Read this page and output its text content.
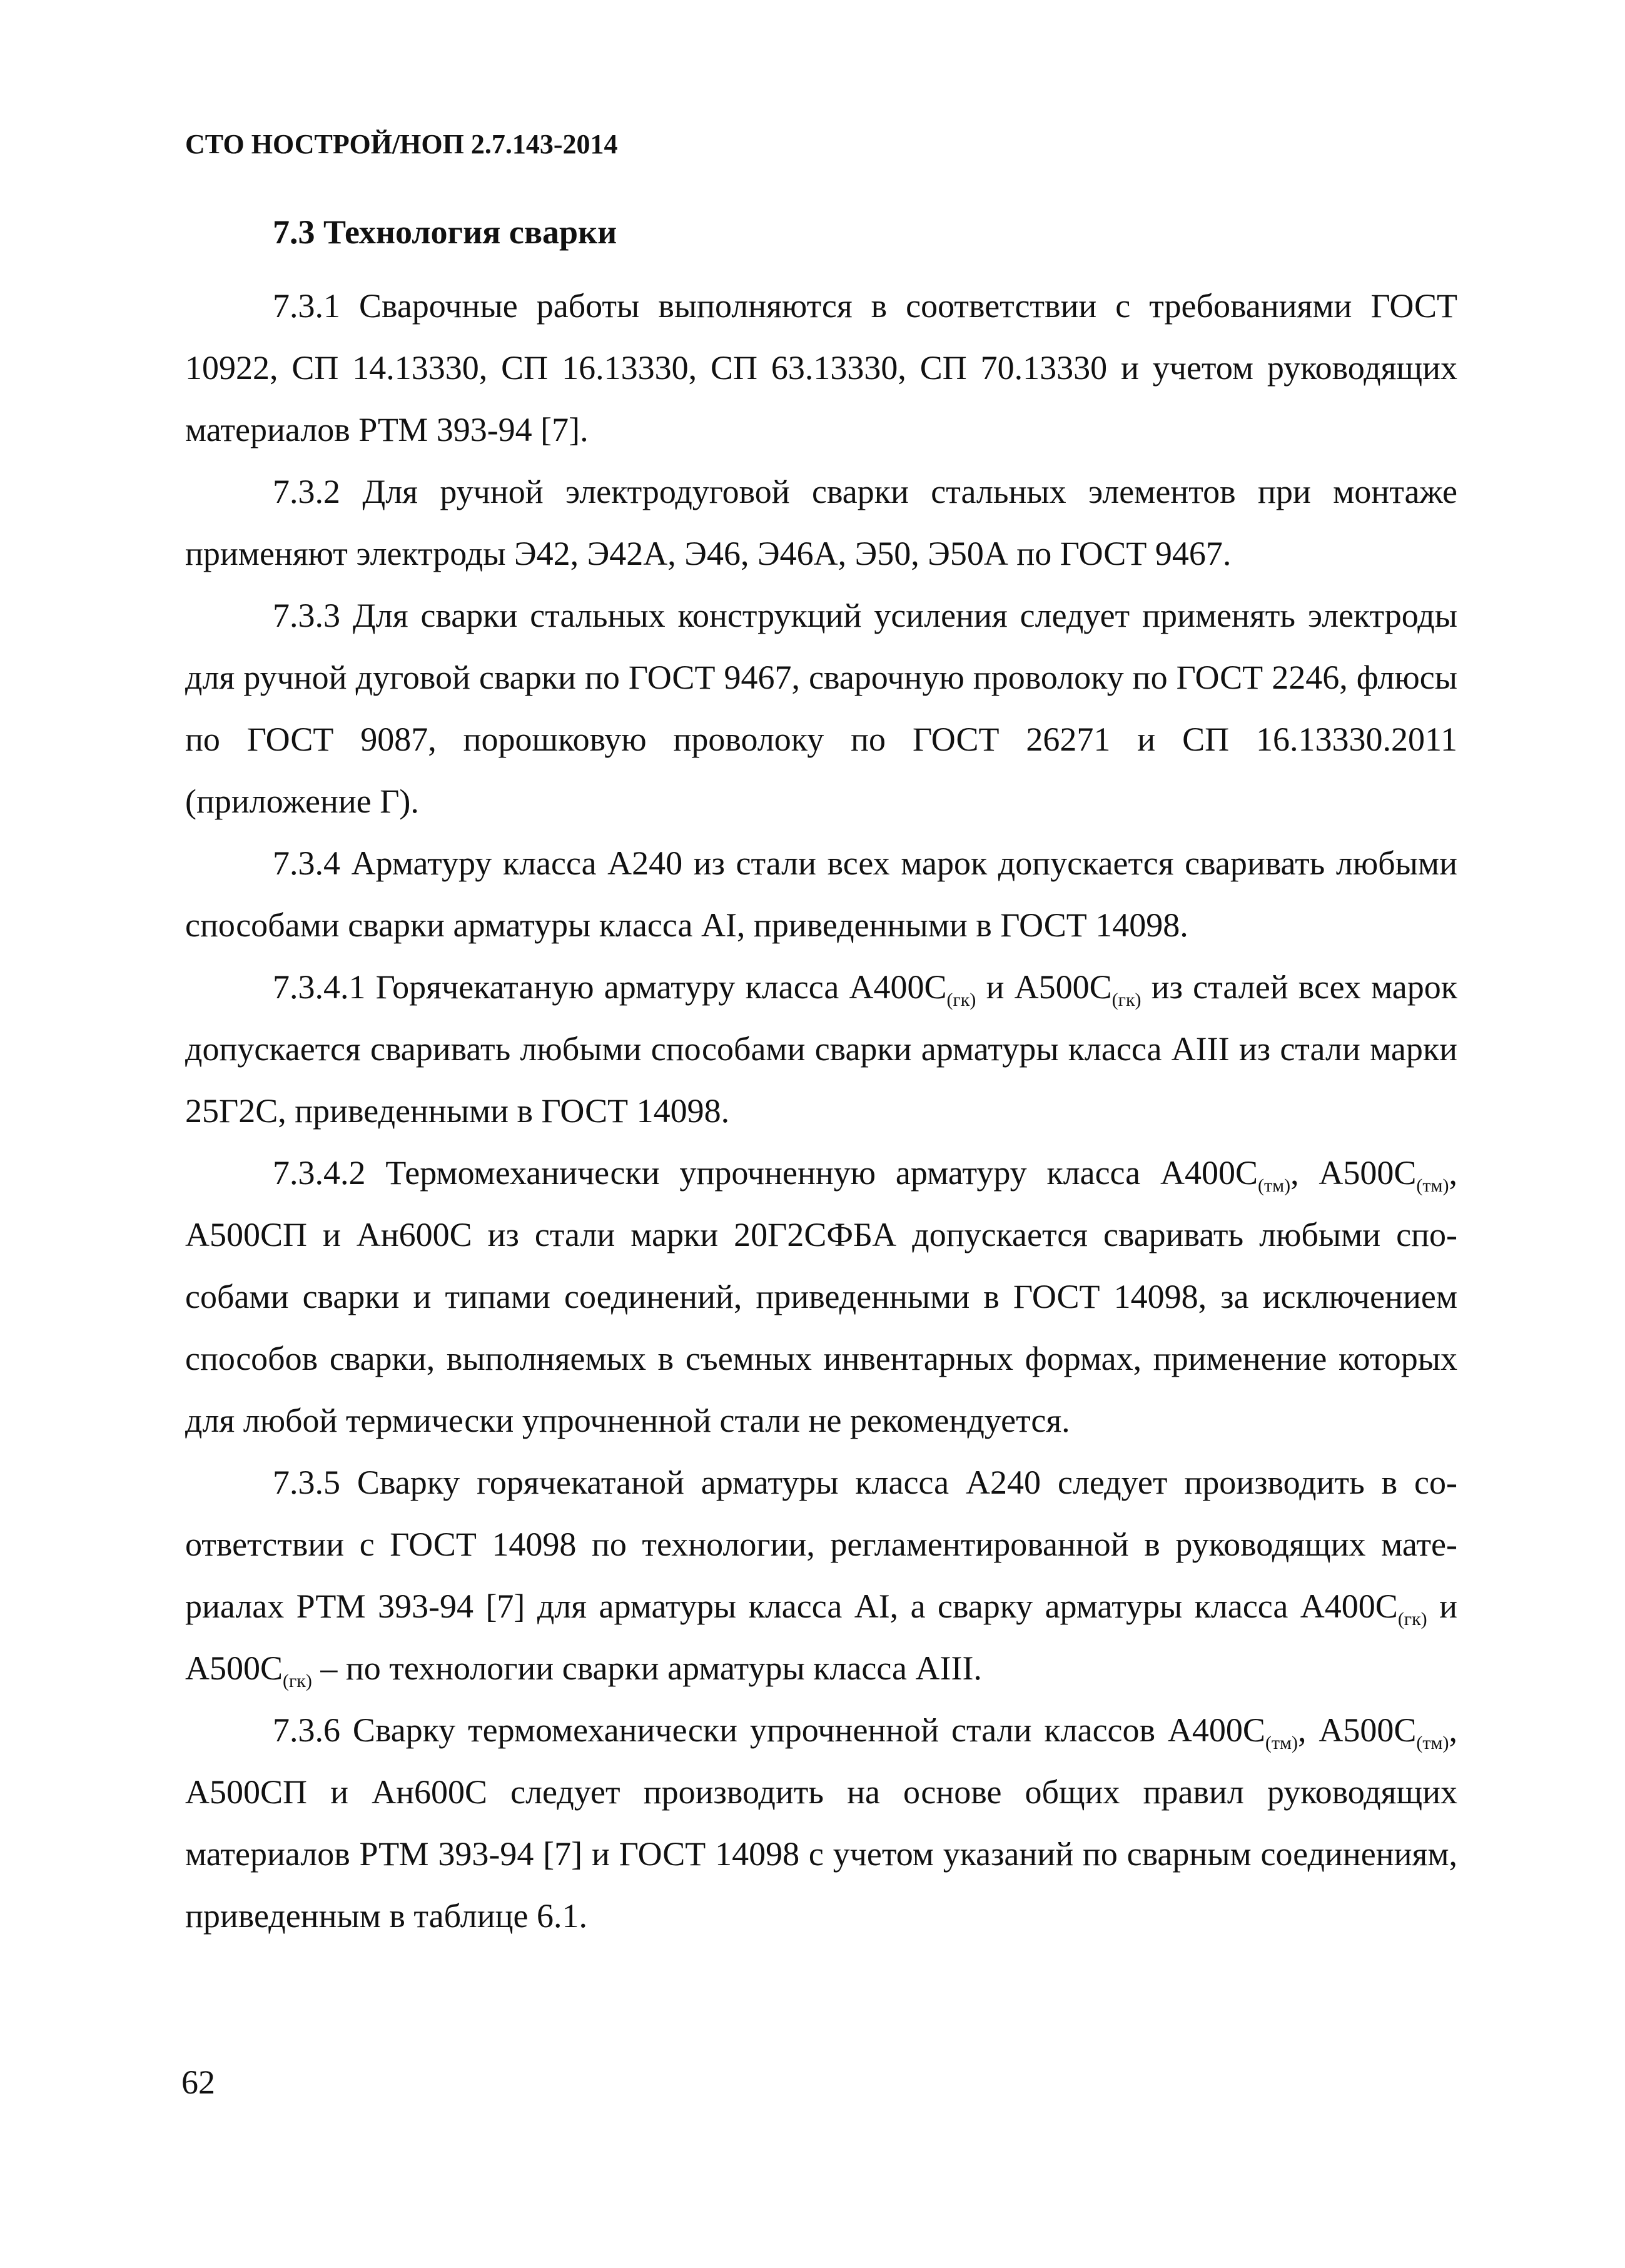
СТО НОСТРОЙ/НОП 2.7.143-2014
7.3 Технология сварки

7.3.1 Сварочные работы выполняются в соответствии с требованиями ГОСТ 10922, СП 14.13330, СП 16.13330, СП 63.13330, СП 70.13330 и учетом руководящих материалов РТМ 393-94 [7].

7.3.2 Для ручной электродуговой сварки стальных элементов при монтаже применяют электроды Э42, Э42А, Э46, Э46А, Э50, Э50А по ГОСТ 9467.

7.3.3 Для сварки стальных конструкций усиления следует применять электроды для ручной дуговой сварки по ГОСТ 9467, сварочную проволоку по ГОСТ 2246, флюсы по ГОСТ 9087, порошковую проволоку по ГОСТ 26271 и СП 16.13330.2011 (приложение Г).

7.3.4 Арматуру класса А240 из стали всех марок допускается сваривать любыми способами сварки арматуры класса AI, приведенными в ГОСТ 14098.

7.3.4.1 Горячекатаную арматуру класса $А400С_{(гк)}$ и $А500С_{(гк)}$ из сталей всех марок допускается сваривать любыми способами сварки арматуры класса AIII из стали марки 25Г2С, приведенными в ГОСТ 14098.

7.3.4.2 Термомеханически упрочненную арматуру класса $А400С_{(тм)}$, $А500С_{(тм)}$, А500СП и Ан600С из стали марки 20Г2СФБА допускается сваривать любыми способами сварки и типами соединений, приведенными в ГОСТ 14098, за исключением способов сварки, выполняемых в съемных инвентарных формах, применение которых для любой термически упрочненной стали не рекомендуется.

7.3.5 Сварку горячекатаной арматуры класса А240 следует производить в соответствии с ГОСТ 14098 по технологии, регламентированной в руководящих материалах РТМ 393-94 [7] для арматуры класса AI, а сварку арматуры класса $А400С_{(гк)}$ и $А500С_{(гк)}$ – по технологии сварки арматуры класса AIII.

7.3.6 Сварку термомеханически упрочненной стали классов $А400С_{(тм)}$, $А500С_{(тм)}$, А500СП и Ан600С следует производить на основе общих правил руководящих материалов РТМ 393-94 [7] и ГОСТ 14098 с учетом указаний по сварным соединениям, приведенным в таблице 6.1.

62
